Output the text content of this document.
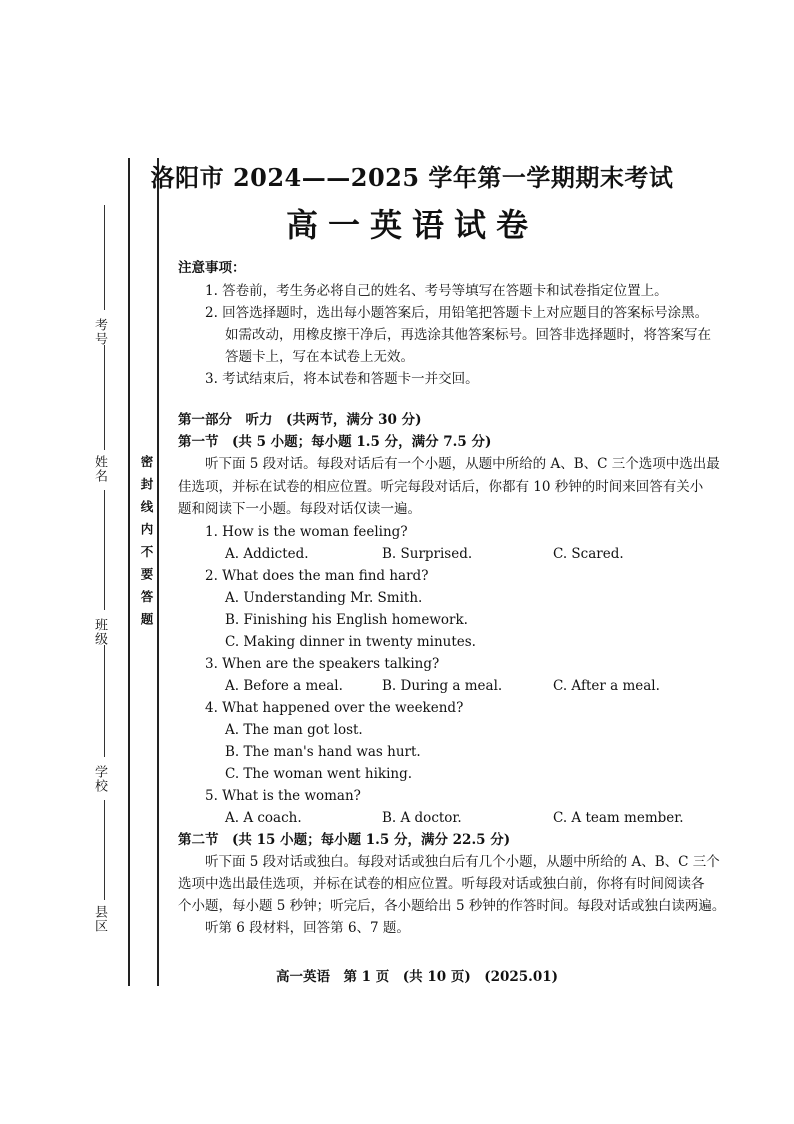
考号
姓名
班级
学校
县区
密封线内不要答题
洛阳市 2024——2025 学年第一学期期末考试
高一英语试卷
注意事项：
1. 答卷前，考生务必将自己的姓名、考号等填写在答题卡和试卷指定位置上。
2. 回答选择题时，选出每小题答案后，用铅笔把答题卡上对应题目的答案标号涂黑。
如需改动，用橡皮擦干净后，再选涂其他答案标号。回答非选择题时，将答案写在
答题卡上，写在本试卷上无效。
3. 考试结束后，将本试卷和答题卡一并交回。
第一部分　听力　(共两节，满分 30 分)
第一节　(共 5 小题；每小题 1.5 分，满分 7.5 分)
听下面 5 段对话。每段对话后有一个小题，从题中所给的 A、B、C 三个选项中选出最
佳选项，并标在试卷的相应位置。听完每段对话后，你都有 10 秒钟的时间来回答有关小
题和阅读下一小题。每段对话仅读一遍。
1. How is the woman feeling?
A. Addicted.	B. Surprised.	C. Scared.
2. What does the man find hard?
A. Understanding Mr. Smith.
B. Finishing his English homework.
C. Making dinner in twenty minutes.
3. When are the speakers talking?
A. Before a meal.	B. During a meal.	C. After a meal.
4. What happened over the weekend?
A. The man got lost.
B. The man's hand was hurt.
C. The woman went hiking.
5. What is the woman?
A. A coach.	B. A doctor.	C. A team member.
第二节　(共 15 小题；每小题 1.5 分，满分 22.5 分)
听下面 5 段对话或独白。每段对话或独白后有几个小题，从题中所给的 A、B、C 三个
选项中选出最佳选项，并标在试卷的相应位置。听每段对话或独白前，你将有时间阅读各
个小题，每小题 5 秒钟；听完后，各小题给出 5 秒钟的作答时间。每段对话或独白读两遍。
听第 6 段材料，回答第 6、7 题。
高一英语　第 1 页　(共 10 页)　(2025.01)
